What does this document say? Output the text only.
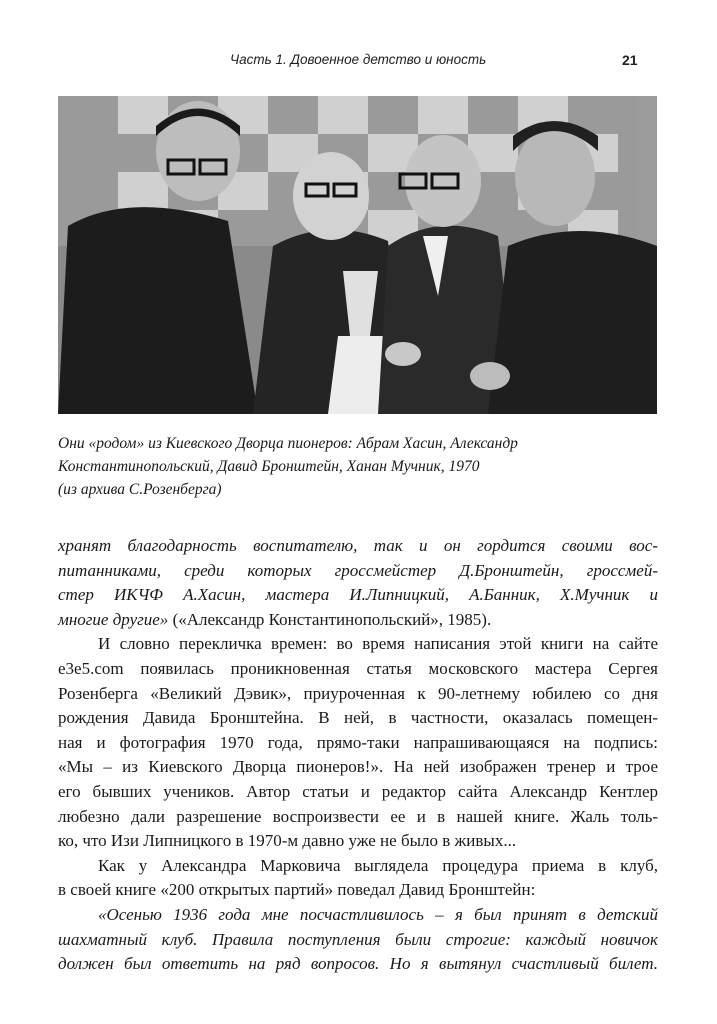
Часть 1. Довоенное детство и юность	21
Они «родом» из Киевского Дворца пионеров: Абрам Хасин, Александр
Константинопольский, Давид Бронштейн, Ханан Мучник, 1970
(из архива С.Розенберга)
хранят благодарность воспитателю, так и он гордится своими вос-
питанниками, среди которых гроссмейстер Д.Бронштейн, гроссмей-
стер ИКЧФ А.Хасин, мастера И.Липницкий, А.Банник, Х.Мучник и
многие другие» («Александр Константинопольский», 1985).
И словно перекличка времен: во время написания этой книги на сайте
e3e5.com появилась проникновенная статья московского мастера Сергея
Розенберга «Великий Дэвик», приуроченная к 90-летнему юбилею со дня
рождения Давида Бронштейна. В ней, в частности, оказалась помещен-
ная и фотография 1970 года, прямо-таки напрашивающаяся на подпись:
«Мы – из Киевского Дворца пионеров!». На ней изображен тренер и трое
его бывших учеников. Автор статьи и редактор сайта Александр Кентлер
любезно дали разрешение воспроизвести ее и в нашей книге. Жаль толь-
ко, что Изи Липницкого в 1970-м давно уже не было в живых...
Как у Александра Марковича выглядела процедура приема в клуб,
в своей книге «200 открытых партий» поведал Давид Бронштейн:
«Осенью 1936 года мне посчастливилось – я был принят в детский
шахматный клуб. Правила поступления были строгие: каждый новичок
должен был ответить на ряд вопросов. Но я вытянул счастливый билет.
